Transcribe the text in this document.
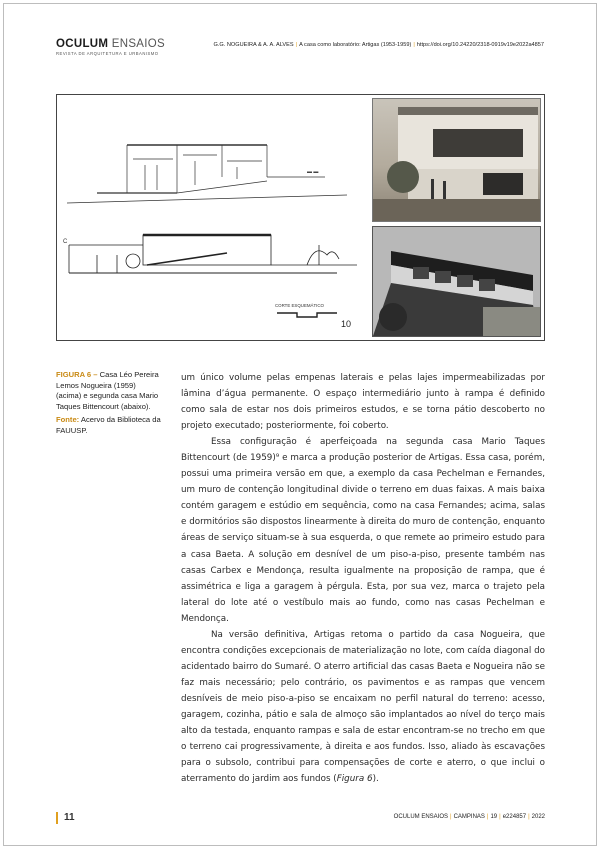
OCULUM ENSAIOS
REVISTA DE ARQUITETURA E URBANISMO
G.G. NOGUEIRA & A. A. ALVES | A casa como laboratório: Artigas (1953-1959) | https://doi.org/10.24220/2318-0919v19e2022a4857
▬ ▬
C
CORTE ESQUEMÁTICO
10
FIGURA 6 – Casa Léo Pereira Lemos Nogueira (1959) (acima) e segunda casa Mario Taques Bittencourt (abaixo).
Fonte: Acervo da Biblioteca da FAUUSP.

um único volume pelas empenas laterais e pelas lajes impermeabilizadas por lâmina d’água permanente. O espaço intermediário junto à rampa é definido como sala de estar nos dois primeiros estudos, e se torna pátio descoberto no projeto executado; posteriormente, foi coberto.

Essa configuração é aperfeiçoada na segunda casa Mario Taques Bittencourt (de 1959)⁹ e marca a produção posterior de Artigas. Essa casa, porém, possui uma primeira versão em que, a exemplo da casa Pechelman e Fernandes, um muro de contenção longitudinal divide o terreno em duas faixas. A mais baixa contém garagem e estúdio em sequência, como na casa Fernandes; acima, salas e dormitórios são dispostos linearmente à direita do muro de contenção, enquanto áreas de serviço situam-se à sua esquerda, o que remete ao primeiro estudo para a casa Baeta. A solução em desnível de um piso-a-piso, presente também nas casas Carbex e Mendonça, resulta igualmente na proposição de rampa, que é assimétrica e liga a garagem à pérgula. Esta, por sua vez, marca o trajeto pela lateral do lote até o vestíbulo mais ao fundo, como nas casas Pechelman e Mendonça.

Na versão definitiva, Artigas retoma o partido da casa Nogueira, que encontra condições excepcionais de materialização no lote, com caída diagonal do acidentado bairro do Sumaré. O aterro artificial das casas Baeta e Nogueira não se faz mais necessário; pelo contrário, os pavimentos e as rampas que vencem desníveis de meio piso-a-piso se encaixam no perfil natural do terreno: acesso, garagem, cozinha, pátio e sala de almoço são implantados ao nível do terço mais alto da testada, enquanto rampas e sala de estar encontram-se no trecho em que o terreno cai progressivamente, à direita e aos fundos. Isso, aliado às escavações para o subsolo, contribui para compensações de corte e aterro, o que inclui o aterramento do jardim aos fundos (Figura 6).

11	OCULUM ENSAIOS | CAMPINAS | 19 | e224857 | 2022
